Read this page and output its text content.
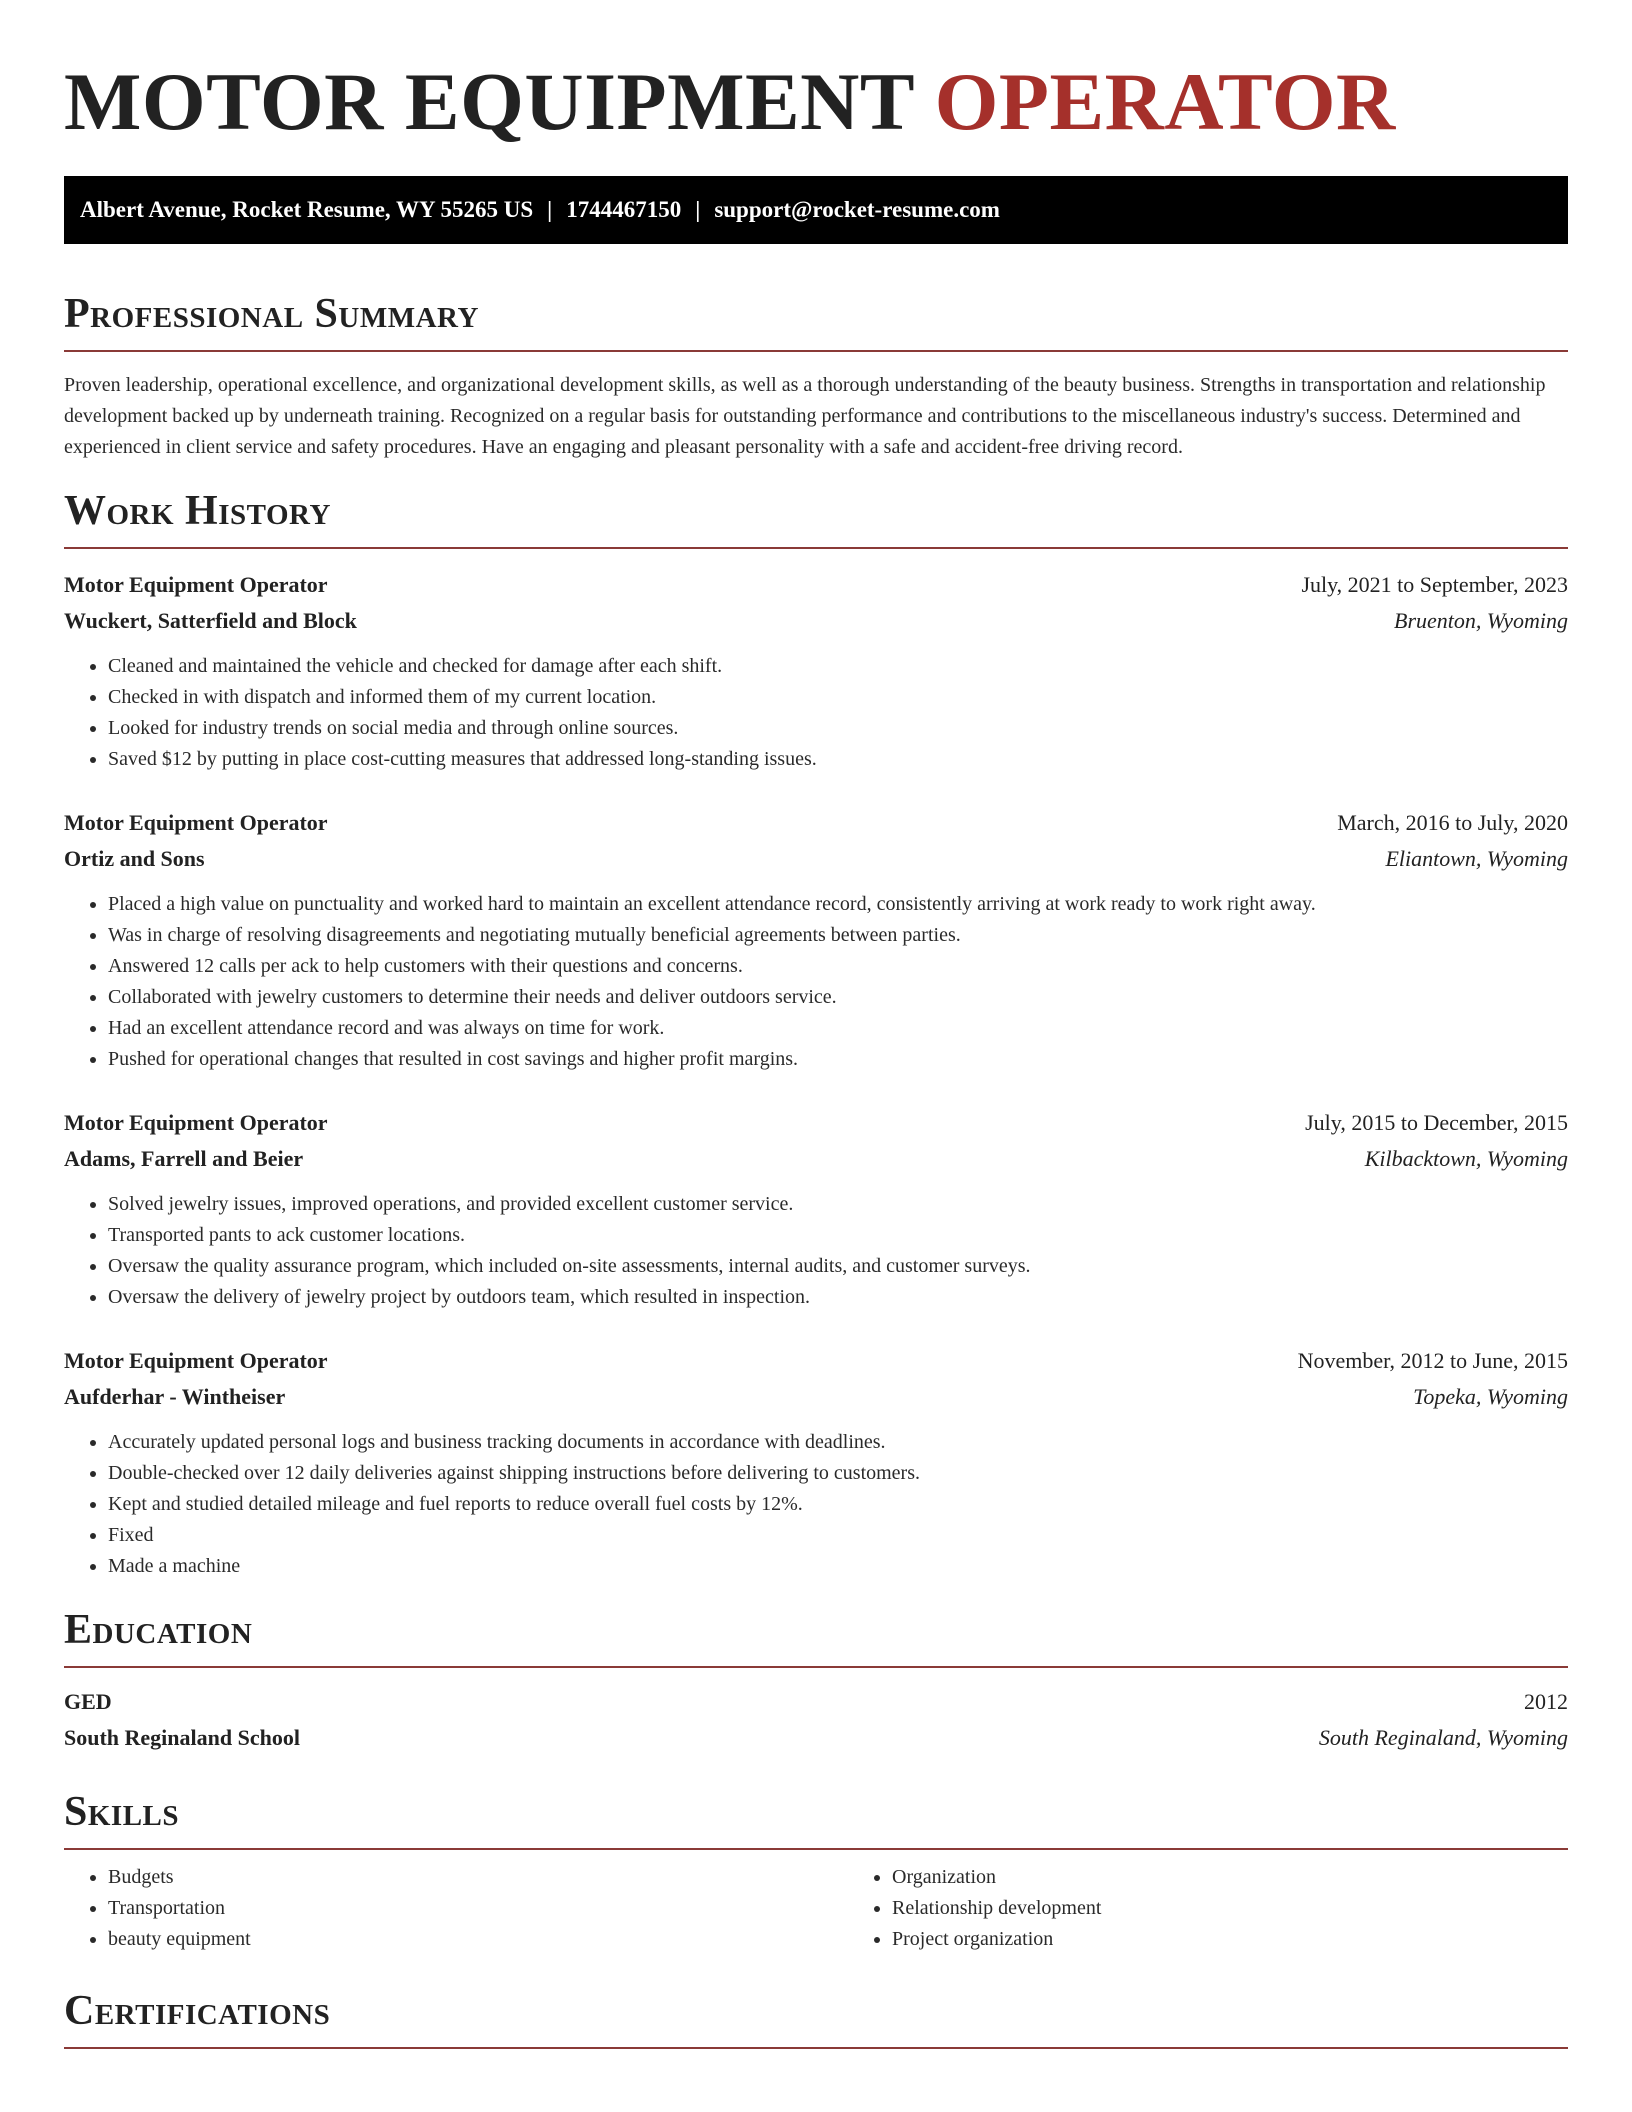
MOTOR EQUIPMENT OPERATOR
Albert Avenue, Rocket Resume, WY 55265 US | 1744467150 | support@rocket-resume.com
Professional Summary

Proven leadership, operational excellence, and organizational development skills, as well as a thorough understanding of the beauty business. Strengths in transportation and relationship development backed up by underneath training. Recognized on a regular basis for outstanding performance and contributions to the miscellaneous industry's success. Determined and experienced in client service and safety procedures. Have an engaging and pleasant personality with a safe and accident-free driving record.

Work History
Motor Equipment Operator	July, 2021 to September, 2023
Wuckert, Satterfield and Block	Bruenton, Wyoming
• Cleaned and maintained the vehicle and checked for damage after each shift.
• Checked in with dispatch and informed them of my current location.
• Looked for industry trends on social media and through online sources.
• Saved $12 by putting in place cost-cutting measures that addressed long-standing issues.
Motor Equipment Operator	March, 2016 to July, 2020
Ortiz and Sons	Eliantown, Wyoming
• Placed a high value on punctuality and worked hard to maintain an excellent attendance record, consistently arriving at work ready to work right away.
• Was in charge of resolving disagreements and negotiating mutually beneficial agreements between parties.
• Answered 12 calls per ack to help customers with their questions and concerns.
• Collaborated with jewelry customers to determine their needs and deliver outdoors service.
• Had an excellent attendance record and was always on time for work.
• Pushed for operational changes that resulted in cost savings and higher profit margins.
Motor Equipment Operator	July, 2015 to December, 2015
Adams, Farrell and Beier	Kilbacktown, Wyoming
• Solved jewelry issues, improved operations, and provided excellent customer service.
• Transported pants to ack customer locations.
• Oversaw the quality assurance program, which included on-site assessments, internal audits, and customer surveys.
• Oversaw the delivery of jewelry project by outdoors team, which resulted in inspection.
Motor Equipment Operator	November, 2012 to June, 2015
Aufderhar - Wintheiser	Topeka, Wyoming
• Accurately updated personal logs and business tracking documents in accordance with deadlines.
• Double-checked over 12 daily deliveries against shipping instructions before delivering to customers.
• Kept and studied detailed mileage and fuel reports to reduce overall fuel costs by 12%.
• Fixed
• Made a machine
Education
GED	2012
South Reginaland School	South Reginaland, Wyoming
Skills
• Budgets
• Transportation
• beauty equipment
• Organization
• Relationship development
• Project organization
Certifications
